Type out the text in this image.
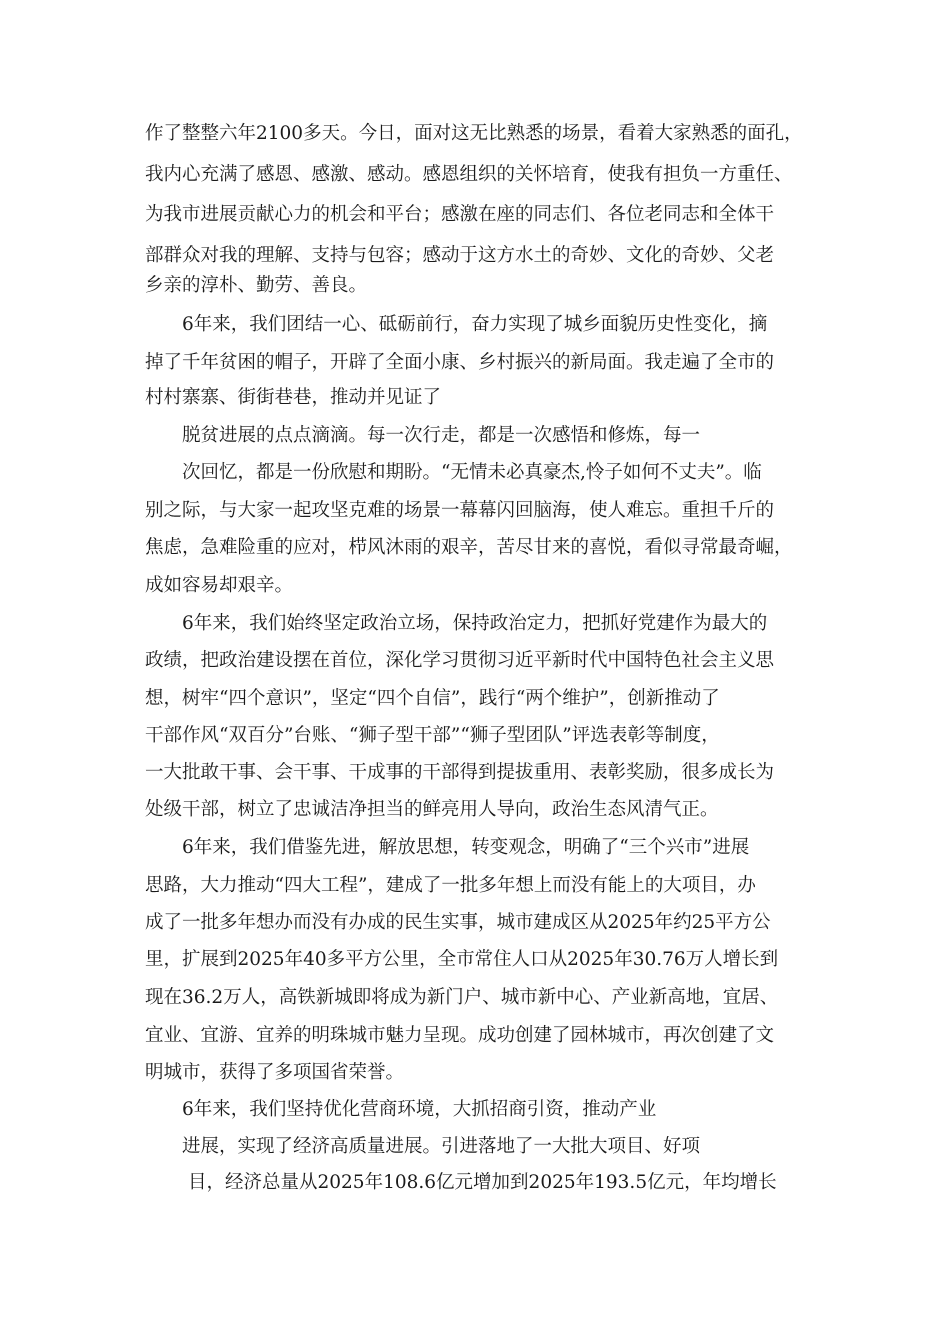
作了整整六年2100多天。今日，面对这无比熟悉的场景，看着大家熟悉的面孔，
我内心充满了感恩、感激、感动。感恩组织的关怀培育，使我有担负一方重任、
为我市进展贡献心力的机会和平台；感激在座的同志们、各位老同志和全体干
部群众对我的理解、支持与包容；感动于这方水土的奇妙、文化的奇妙、父老
乡亲的淳朴、勤劳、善良。
6年来，我们团结一心、砥砺前行，奋力实现了城乡面貌历史性变化，摘
掉了千年贫困的帽子，开辟了全面小康、乡村振兴的新局面。我走遍了全市的
村村寨寨、街街巷巷，推动并见证了
脱贫进展的点点滴滴。每一次行走，都是一次感悟和修炼，每一
次回忆，都是一份欣慰和期盼。“无情未必真豪杰,怜子如何不丈夫”。临
别之际，与大家一起攻坚克难的场景一幕幕闪回脑海，使人难忘。重担千斤的
焦虑，急难险重的应对，栉风沐雨的艰辛，苦尽甘来的喜悦，看似寻常最奇崛，
成如容易却艰辛。
6年来，我们始终坚定政治立场，保持政治定力，把抓好党建作为最大的
政绩，把政治建设摆在首位，深化学习贯彻习近平新时代中国特色社会主义思
想，树牢“四个意识”，坚定“四个自信”，践行“两个维护”，创新推动了
干部作风“双百分”台账、“狮子型干部”“狮子型团队”评选表彰等制度，
一大批敢干事、会干事、干成事的干部得到提拔重用、表彰奖励，很多成长为
处级干部，树立了忠诚洁净担当的鲜亮用人导向，政治生态风清气正。
6年来，我们借鉴先进，解放思想，转变观念，明确了“三个兴市”进展
思路，大力推动“四大工程”，建成了一批多年想上而没有能上的大项目，办
成了一批多年想办而没有办成的民生实事，城市建成区从2025年约25平方公
里，扩展到2025年40多平方公里，全市常住人口从2025年30.76万人增长到
现在36.2万人，高铁新城即将成为新门户、城市新中心、产业新高地，宜居、
宜业、宜游、宜养的明珠城市魅力呈现。成功创建了园林城市，再次创建了文
明城市，获得了多项国省荣誉。
6年来，我们坚持优化营商环境，大抓招商引资，推动产业
进展，实现了经济高质量进展。引进落地了一大批大项目、好项
目，经济总量从2025年108.6亿元增加到2025年193.5亿元，年均增长
